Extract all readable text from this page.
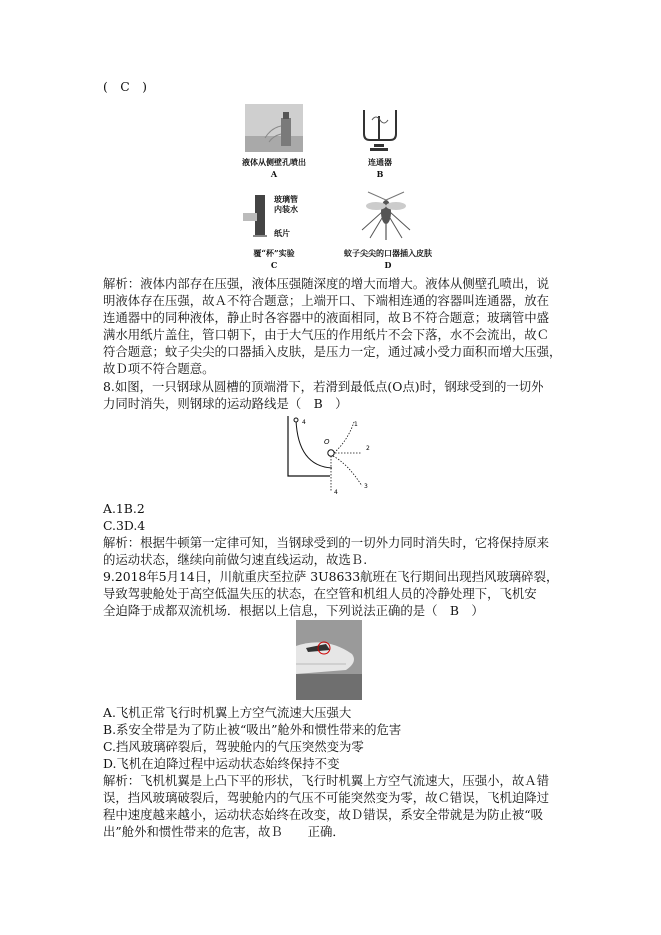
(　C　)
液体从侧壁孔喷出
A
连通器
B
玻璃管
内装水
纸片
覆“杯”实验
C
蚊子尖尖的口器插入皮肤
D
解析：液体内部存在压强，液体压强随深度的增大而增大。液体从侧壁孔喷出，说
明液体存在压强，故Ａ不符合题意；上端开口、下端相连通的容器叫连通器，放在
连通器中的同种液体，静止时各容器中的液面相同，故Ｂ不符合题意；玻璃管中盛
满水用纸片盖住，管口朝下，由于大气压的作用纸片不会下落，水不会流出，故Ｃ
符合题意；蚊子尖尖的口器插入皮肤，是压力一定，通过减小受力面积而增大压强，
故Ｄ项不符合题意。
8.如图，一只钢球从圆槽的顶端滑下，若滑到最低点(O点)时，钢球受到的一切外
力同时消失，则钢球的运动路线是（　B　）
O
1
2
3
4
4
A.1B.2
C.3D.4
解析：根据牛顿第一定律可知，当钢球受到的一切外力同时消失时，它将保持原来
的运动状态，继续向前做匀速直线运动，故选Ｂ.
9.2018年5月14日，川航重庆至拉萨 3U8633航班在飞行期间出现挡风玻璃碎裂，
导致驾驶舱处于高空低温失压的状态，在空管和机组人员的冷静处理下，飞机安
全迫降于成都双流机场．根据以上信息，下列说法正确的是（　B　）
A.飞机正常飞行时机翼上方空气流速大压强大
B.系安全带是为了防止被“吸出”舱外和惯性带来的危害
C.挡风玻璃碎裂后，驾驶舱内的气压突然变为零
D.飞机在迫降过程中运动状态始终保持不变
解析：飞机机翼是上凸下平的形状，飞行时机翼上方空气流速大，压强小，故Ａ错
误，挡风玻璃破裂后，驾驶舱内的气压不可能突然变为零，故Ｃ错误，飞机迫降过
程中速度越来越小，运动状态始终在改变，故Ｄ错误，系安全带就是为防止被“吸
出”舱外和惯性带来的危害，故Ｂ　　正确．
